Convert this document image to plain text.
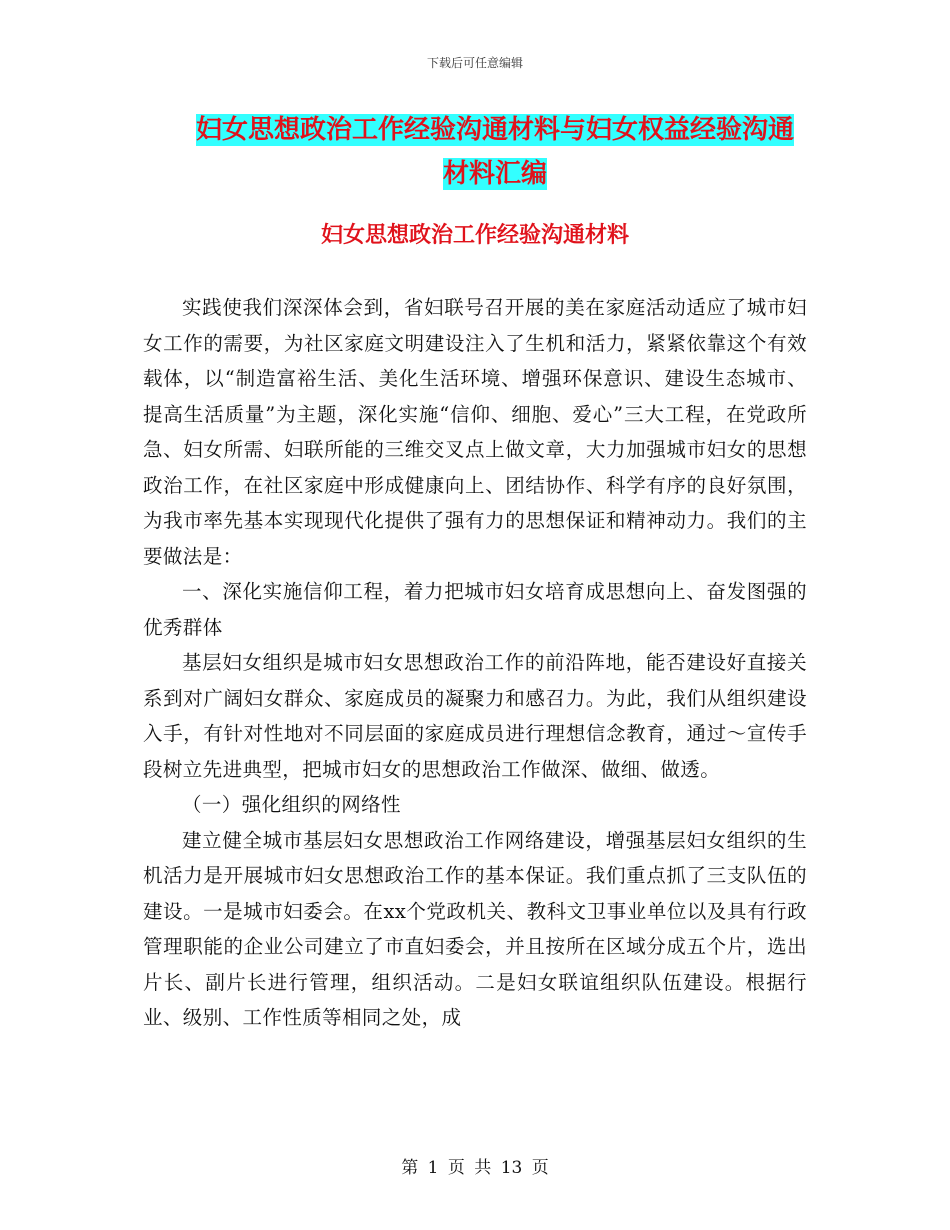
下载后可任意编辑
妇女思想政治工作经验沟通材料与妇女权益经验沟通
材料汇编
妇女思想政治工作经验沟通材料

实践使我们深深体会到，省妇联号召开展的美在家庭活动适应了城市妇女工作的需要，为社区家庭文明建设注入了生机和活力，紧紧依靠这个有效载体，以“制造富裕生活、美化生活环境、增强环保意识、建设生态城市、提高生活质量”为主题，深化实施“信仰、细胞、爱心”三大工程，在党政所急、妇女所需、妇联所能的三维交叉点上做文章，大力加强城市妇女的思想政治工作，在社区家庭中形成健康向上、团结协作、科学有序的良好氛围，为我市率先基本实现现代化提供了强有力的思想保证和精神动力。我们的主要做法是：

一、深化实施信仰工程，着力把城市妇女培育成思想向上、奋发图强的优秀群体

基层妇女组织是城市妇女思想政治工作的前沿阵地，能否建设好直接关系到对广阔妇女群众、家庭成员的凝聚力和感召力。为此，我们从组织建设入手，有针对性地对不同层面的家庭成员进行理想信念教育，通过～宣传手段树立先进典型，把城市妇女的思想政治工作做深、做细、做透。

（一）强化组织的网络性

建立健全城市基层妇女思想政治工作网络建设，增强基层妇女组织的生机活力是开展城市妇女思想政治工作的基本保证。我们重点抓了三支队伍的建设。一是城市妇委会。在xx个党政机关、教科文卫事业单位以及具有行政管理职能的企业公司建立了市直妇委会，并且按所在区域分成五个片，选出片长、副片长进行管理，组织活动。二是妇女联谊组织队伍建设。根据行业、级别、工作性质等相同之处，成

第 1 页 共 13 页
